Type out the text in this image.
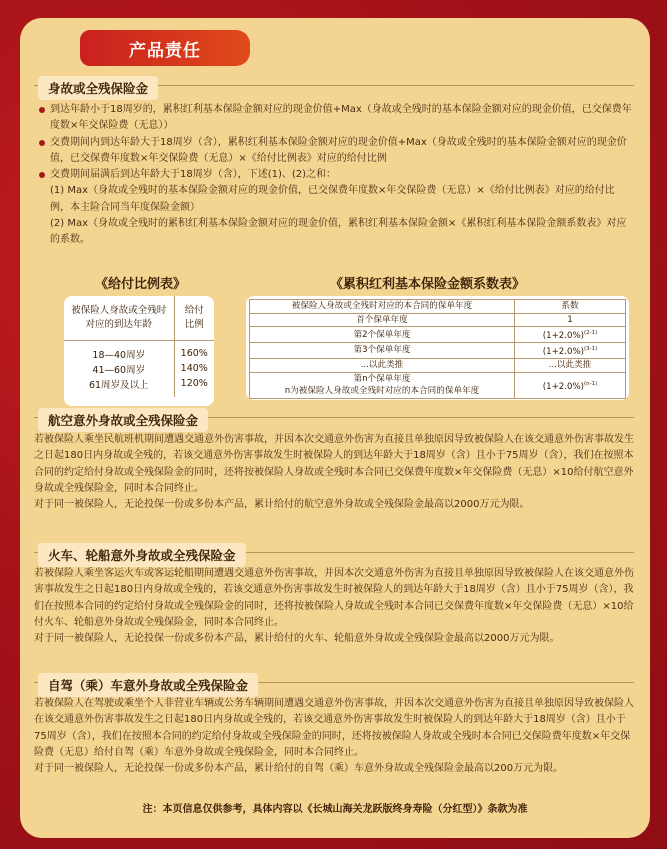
产品责任
身故或全残保险金
到达年龄小于18周岁的，累积红利基本保险金额对应的现金价值+Max（身故或全残时的基本保险金额对应的现金价值，已交保费年度数×年交保险费（无息））
交费期间内到达年龄大于18周岁（含），累积红利基本保险金额对应的现金价值+Max（身故或全残时的基本保险金额对应的现金价值，已交保费年度数×年交保险费（无息）×《给付比例表》对应的给付比例
交费期间届满后到达年龄大于18周岁（含），下述(1)、(2)之和：
(1) Max（身故或全残时的基本保险金额对应的现金价值，已交保费年度数×年交保险费（无息）×《给付比例表》对应的给付比例，本主险合同当年度保险金额）
(2) Max（身故或全残时的累积红利基本保险金额对应的现金价值，累积红利基本保险金额×《累积红利基本保险金额系数表》对应的系数。
《给付比例表》
被保险人身故或全残时对应的到达年龄	给付比例
18—40周岁	160%
41—60周岁	140%
61周岁及以上	120%
《累积红利基本保险金额系数表》
被保险人身故或全残时对应的本合同的保单年度	系数
首个保单年度	1
第2个保单年度	$(1+2.0\%)^{(2-1)}$
第3个保单年度	$(1+2.0\%)^{(3-1)}$
...以此类推	...以此类推

第n个保单年度
n为被保险人身故或全残时对应的本合同的保单年度	$(1+2.0\%)^{(n-1)}$
航空意外身故或全残保险金
若被保险人乘坐民航班机期间遭遇交通意外伤害事故，并因本次交通意外伤害为直接且单独原因导致被保险人在该交通意外伤害事故发生之日起180日内身故或全残的，若该交通意外伤害事故发生时被保险人的到达年龄大于18周岁（含）且小于75周岁（含），我们在按照本合同的约定给付身故或全残保险金的同时，还将按被保险人身故或全残时本合同已交保费年度数×年交保险费（无息）×10给付航空意外身故或全残保险金，同时本合同终止。
对于同一被保险人，无论投保一份或多份本产品，累计给付的航空意外身故或全残保险金最高以2000万元为限。
火车、轮船意外身故或全残保险金
若被保险人乘坐客运火车或客运轮船期间遭遇交通意外伤害事故，并因本次交通意外伤害为直接且单独原因导致被保险人在该交通意外伤害事故发生之日起180日内身故或全残的，若该交通意外伤害事故发生时被保险人的到达年龄大于18周岁（含）且小于75周岁（含），我们在按照本合同的约定给付身故或全残保险金的同时，还将按被保险人身故或全残时本合同已交保费年度数×年交保险费（无息）×10给付火车、轮船意外身故或全残保险金，同时本合同终止。
对于同一被保险人，无论投保一份或多份本产品，累计给付的火车、轮船意外身故或全残保险金最高以2000万元为限。
自驾（乘）车意外身故或全残保险金
若被保险人在驾驶或乘坐个人非营业车辆或公务车辆期间遭遇交通意外伤害事故，并因本次交通意外伤害为直接且单独原因导致被保险人在该交通意外伤害事故发生之日起180日内身故或全残的，若该交通意外伤害事故发生时被保险人的到达年龄大于18周岁（含）且小于75周岁（含），我们在按照本合同的约定给付身故或全残保险金的同时，还将按被保险人身故或全残时本合同已交保险费年度数×年交保险费（无息）给付自驾（乘）车意外身故或全残保险金，同时本合同终止。
对于同一被保险人，无论投保一份或多份本产品，累计给付的自驾（乘）车意外身故或全残保险金最高以200万元为限。
注：本页信息仅供参考，具体内容以《长城山海关龙跃版终身寿险（分红型）》条款为准
